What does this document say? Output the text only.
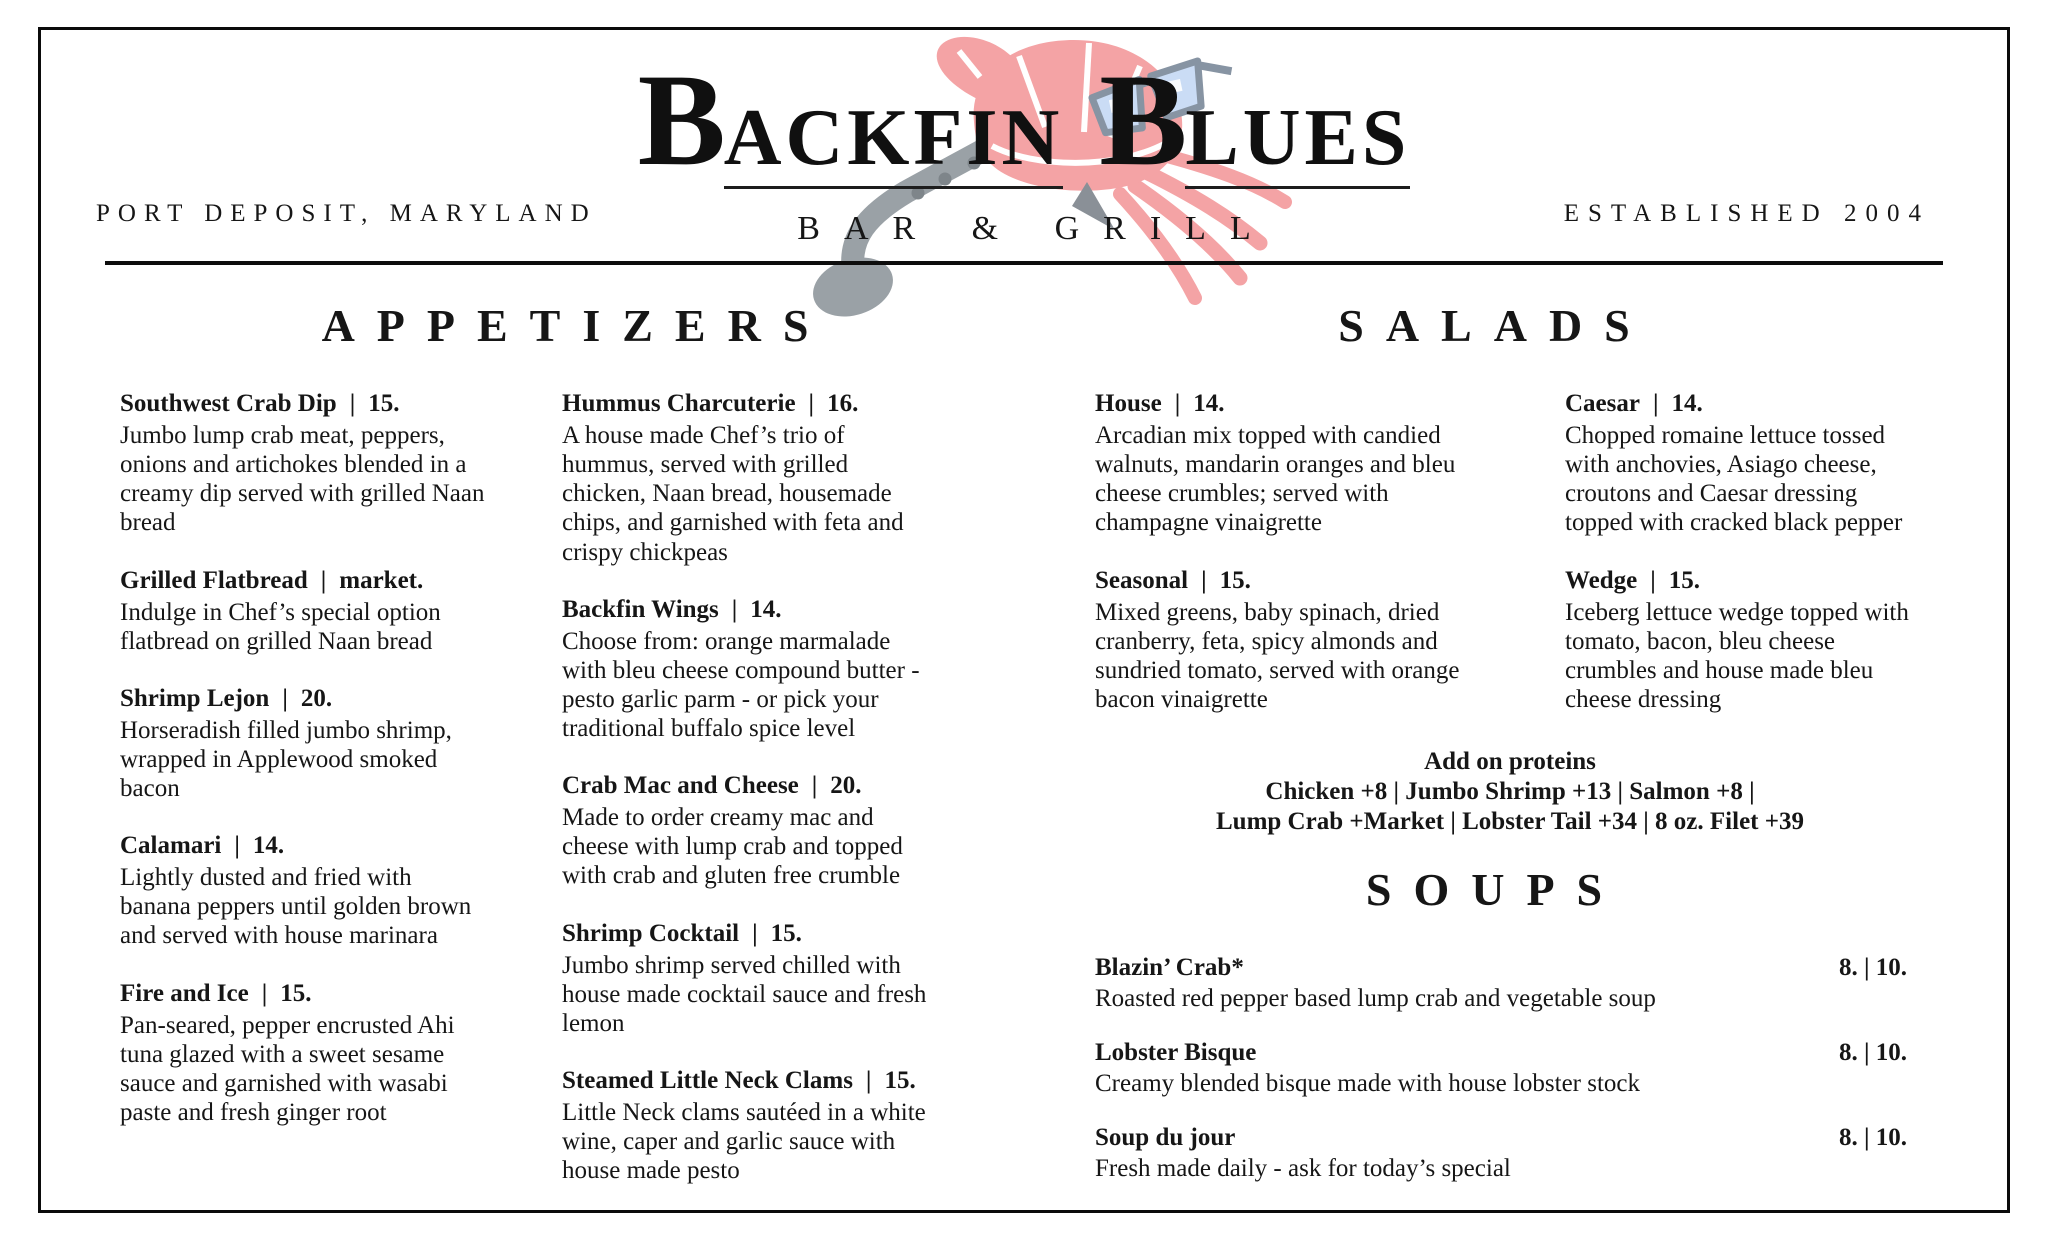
PORT DEPOSIT, MARYLAND	ESTABLISHED 2004
B
ACKFIN B
LUES
BAR & GRILL
APPETIZERS
Southwest Crab Dip | 15.
Jumbo lump crab meat, peppers, onions and artichokes blended in a creamy dip served with grilled Naan bread
Grilled Flatbread | market.
Indulge in Chef’s special option flatbread on grilled Naan bread
Shrimp Lejon | 20.
Horseradish filled jumbo shrimp, wrapped in Applewood smoked bacon
Calamari | 14.
Lightly dusted and fried with banana peppers until golden brown and served with house marinara
Fire and Ice | 15.
Pan-seared, pepper encrusted Ahi tuna glazed with a sweet sesame sauce and garnished with wasabi paste and fresh ginger root
Hummus Charcuterie | 16.
A house made Chef’s trio of hummus, served with grilled chicken, Naan bread, housemade chips, and garnished with feta and crispy chickpeas
Backfin Wings | 14.
Choose from: orange marmalade with bleu cheese compound butter - pesto garlic parm - or pick your traditional buffalo spice level
Crab Mac and Cheese | 20.
Made to order creamy mac and cheese with lump crab and topped with crab and gluten free crumble
Shrimp Cocktail | 15.
Jumbo shrimp served chilled with house made cocktail sauce and fresh lemon
Steamed Little Neck Clams | 15.
Little Neck clams sautéed in a white wine, caper and garlic sauce with house made pesto
SALADS
House | 14.
Arcadian mix topped with candied walnuts, mandarin oranges and bleu cheese crumbles; served with champagne vinaigrette
Seasonal | 15.
Mixed greens, baby spinach, dried cranberry, feta, spicy almonds and sundried tomato, served with orange bacon vinaigrette
Caesar | 14.
Chopped romaine lettuce tossed with anchovies, Asiago cheese, croutons and Caesar dressing topped with cracked black pepper
Wedge | 15.
Iceberg lettuce wedge topped with tomato, bacon, bleu cheese crumbles and house made bleu cheese dressing
Add on proteins
Chicken +8 | Jumbo Shrimp +13 | Salmon +8 |
Lump Crab +Market | Lobster Tail +34 | 8 oz. Filet +39
SOUPS
Blazin’ Crab*	8. | 10.
Roasted red pepper based lump crab and vegetable soup
Lobster Bisque	8. | 10.
Creamy blended bisque made with house lobster stock
Soup du jour	8. | 10.
Fresh made daily - ask for today’s special
